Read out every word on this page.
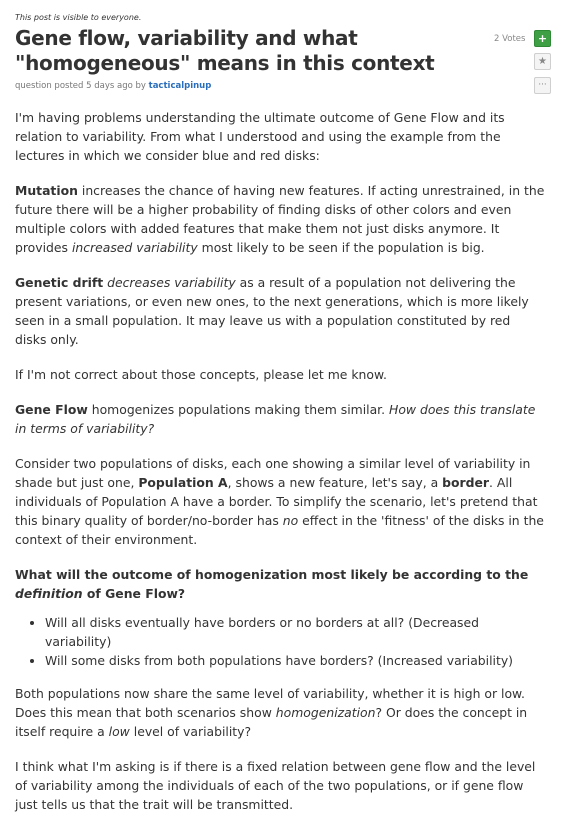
This post is visible to everyone.
Gene flow, variability and what "homogeneous" means in this context
question posted 5 days ago by tacticalpinup
2 Votes +
★
···

I'm having problems understanding the ultimate outcome of Gene Flow and its relation to variability. From what I understood and using the example from the lectures in which we consider blue and red disks:

Mutation increases the chance of having new features. If acting unrestrained, in the future there will be a higher probability of finding disks of other colors and even multiple colors with added features that make them not just disks anymore. It provides increased variability most likely to be seen if the population is big.

Genetic drift decreases variability as a result of a population not delivering the present variations, or even new ones, to the next generations, which is more likely seen in a small population. It may leave us with a population constituted by red disks only.

If I'm not correct about those concepts, please let me know.

Gene Flow homogenizes populations making them similar. How does this translate in terms of variability?

Consider two populations of disks, each one showing a similar level of variability in shade but just one, Population A, shows a new feature, let's say, a border. All individuals of Population A have a border. To simplify the scenario, let's pretend that this binary quality of border/no-border has no effect in the 'fitness' of the disks in the context of their environment.

What will the outcome of homogenization most likely be according to the definition of Gene Flow?

• Will all disks eventually have borders or no borders at all? (Decreased variability)
• Will some disks from both populations have borders? (Increased variability)

Both populations now share the same level of variability, whether it is high or low. Does this mean that both scenarios show homogenization? Or does the concept in itself require a low level of variability?

I think what I'm asking is if there is a fixed relation between gene flow and the level of variability among the individuals of each of the two populations, or if gene flow just tells us that the trait will be transmitted.
